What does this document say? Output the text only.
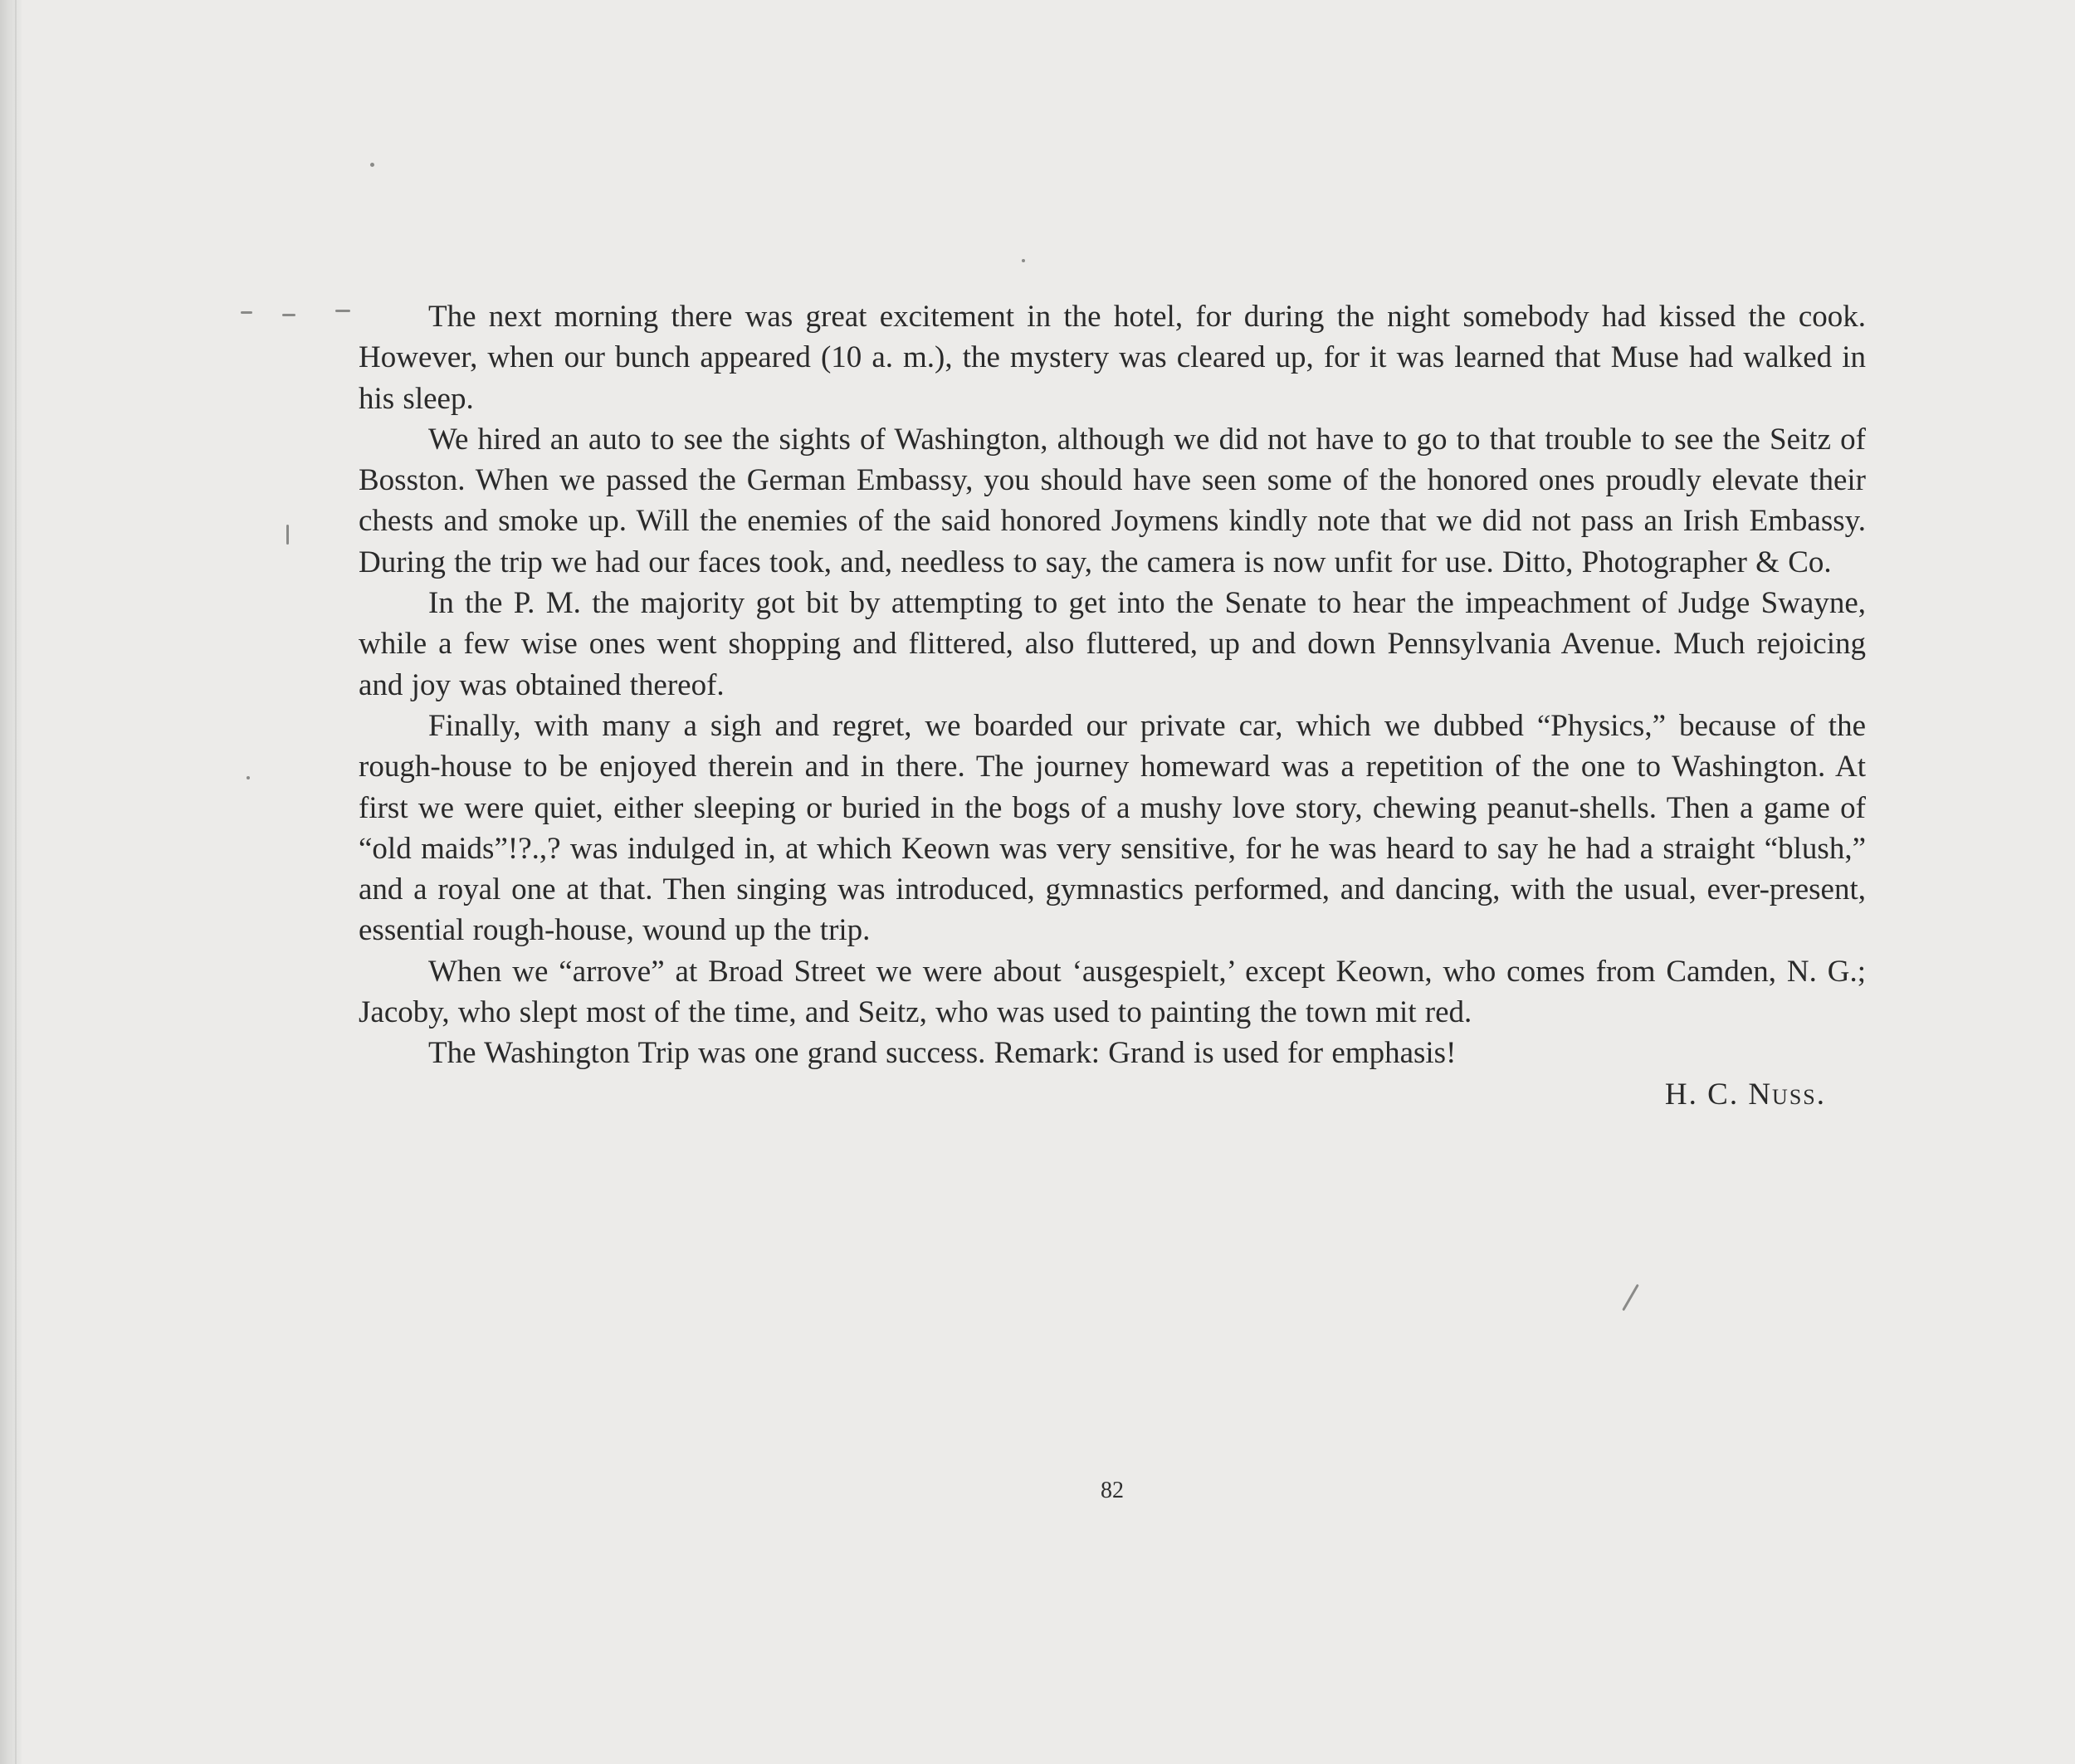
The next morning there was great excitement in the hotel, for during the night somebody had kissed the cook. However, when our bunch appeared (10 a. m.), the mystery was cleared up, for it was learned that Muse had walked in his sleep.

We hired an auto to see the sights of Washington, although we did not have to go to that trouble to see the Seitz of Bosston. When we passed the German Embassy, you should have seen some of the honored ones proudly elevate their chests and smoke up. Will the enemies of the said honored Joymens kindly note that we did not pass an Irish Embassy. During the trip we had our faces took, and, needless to say, the camera is now unfit for use. Ditto, Photographer & Co.

In the P. M. the majority got bit by attempting to get into the Senate to hear the impeachment of Judge Swayne, while a few wise ones went shopping and flittered, also fluttered, up and down Pennsylvania Avenue. Much rejoicing and joy was obtained thereof.

Finally, with many a sigh and regret, we boarded our private car, which we dubbed “Physics,” because of the rough-house to be enjoyed therein and in there. The journey homeward was a repetition of the one to Washington. At first we were quiet, either sleeping or buried in the bogs of a mushy love story, chewing peanut-shells. Then a game of “old maids”!?.,? was indulged in, at which Keown was very sensitive, for he was heard to say he had a straight “blush,” and a royal one at that. Then singing was introduced, gymnastics performed, and dancing, with the usual, ever-present, essential rough-house, wound up the trip.

When we “arrove” at Broad Street we were about ‘ausgespielt,’ except Keown, who comes from Camden, N. G.; Jacoby, who slept most of the time, and Seitz, who was used to painting the town mit red.

The Washington Trip was one grand success. Remark: Grand is used for emphasis!

H. C. Nuss.

82
